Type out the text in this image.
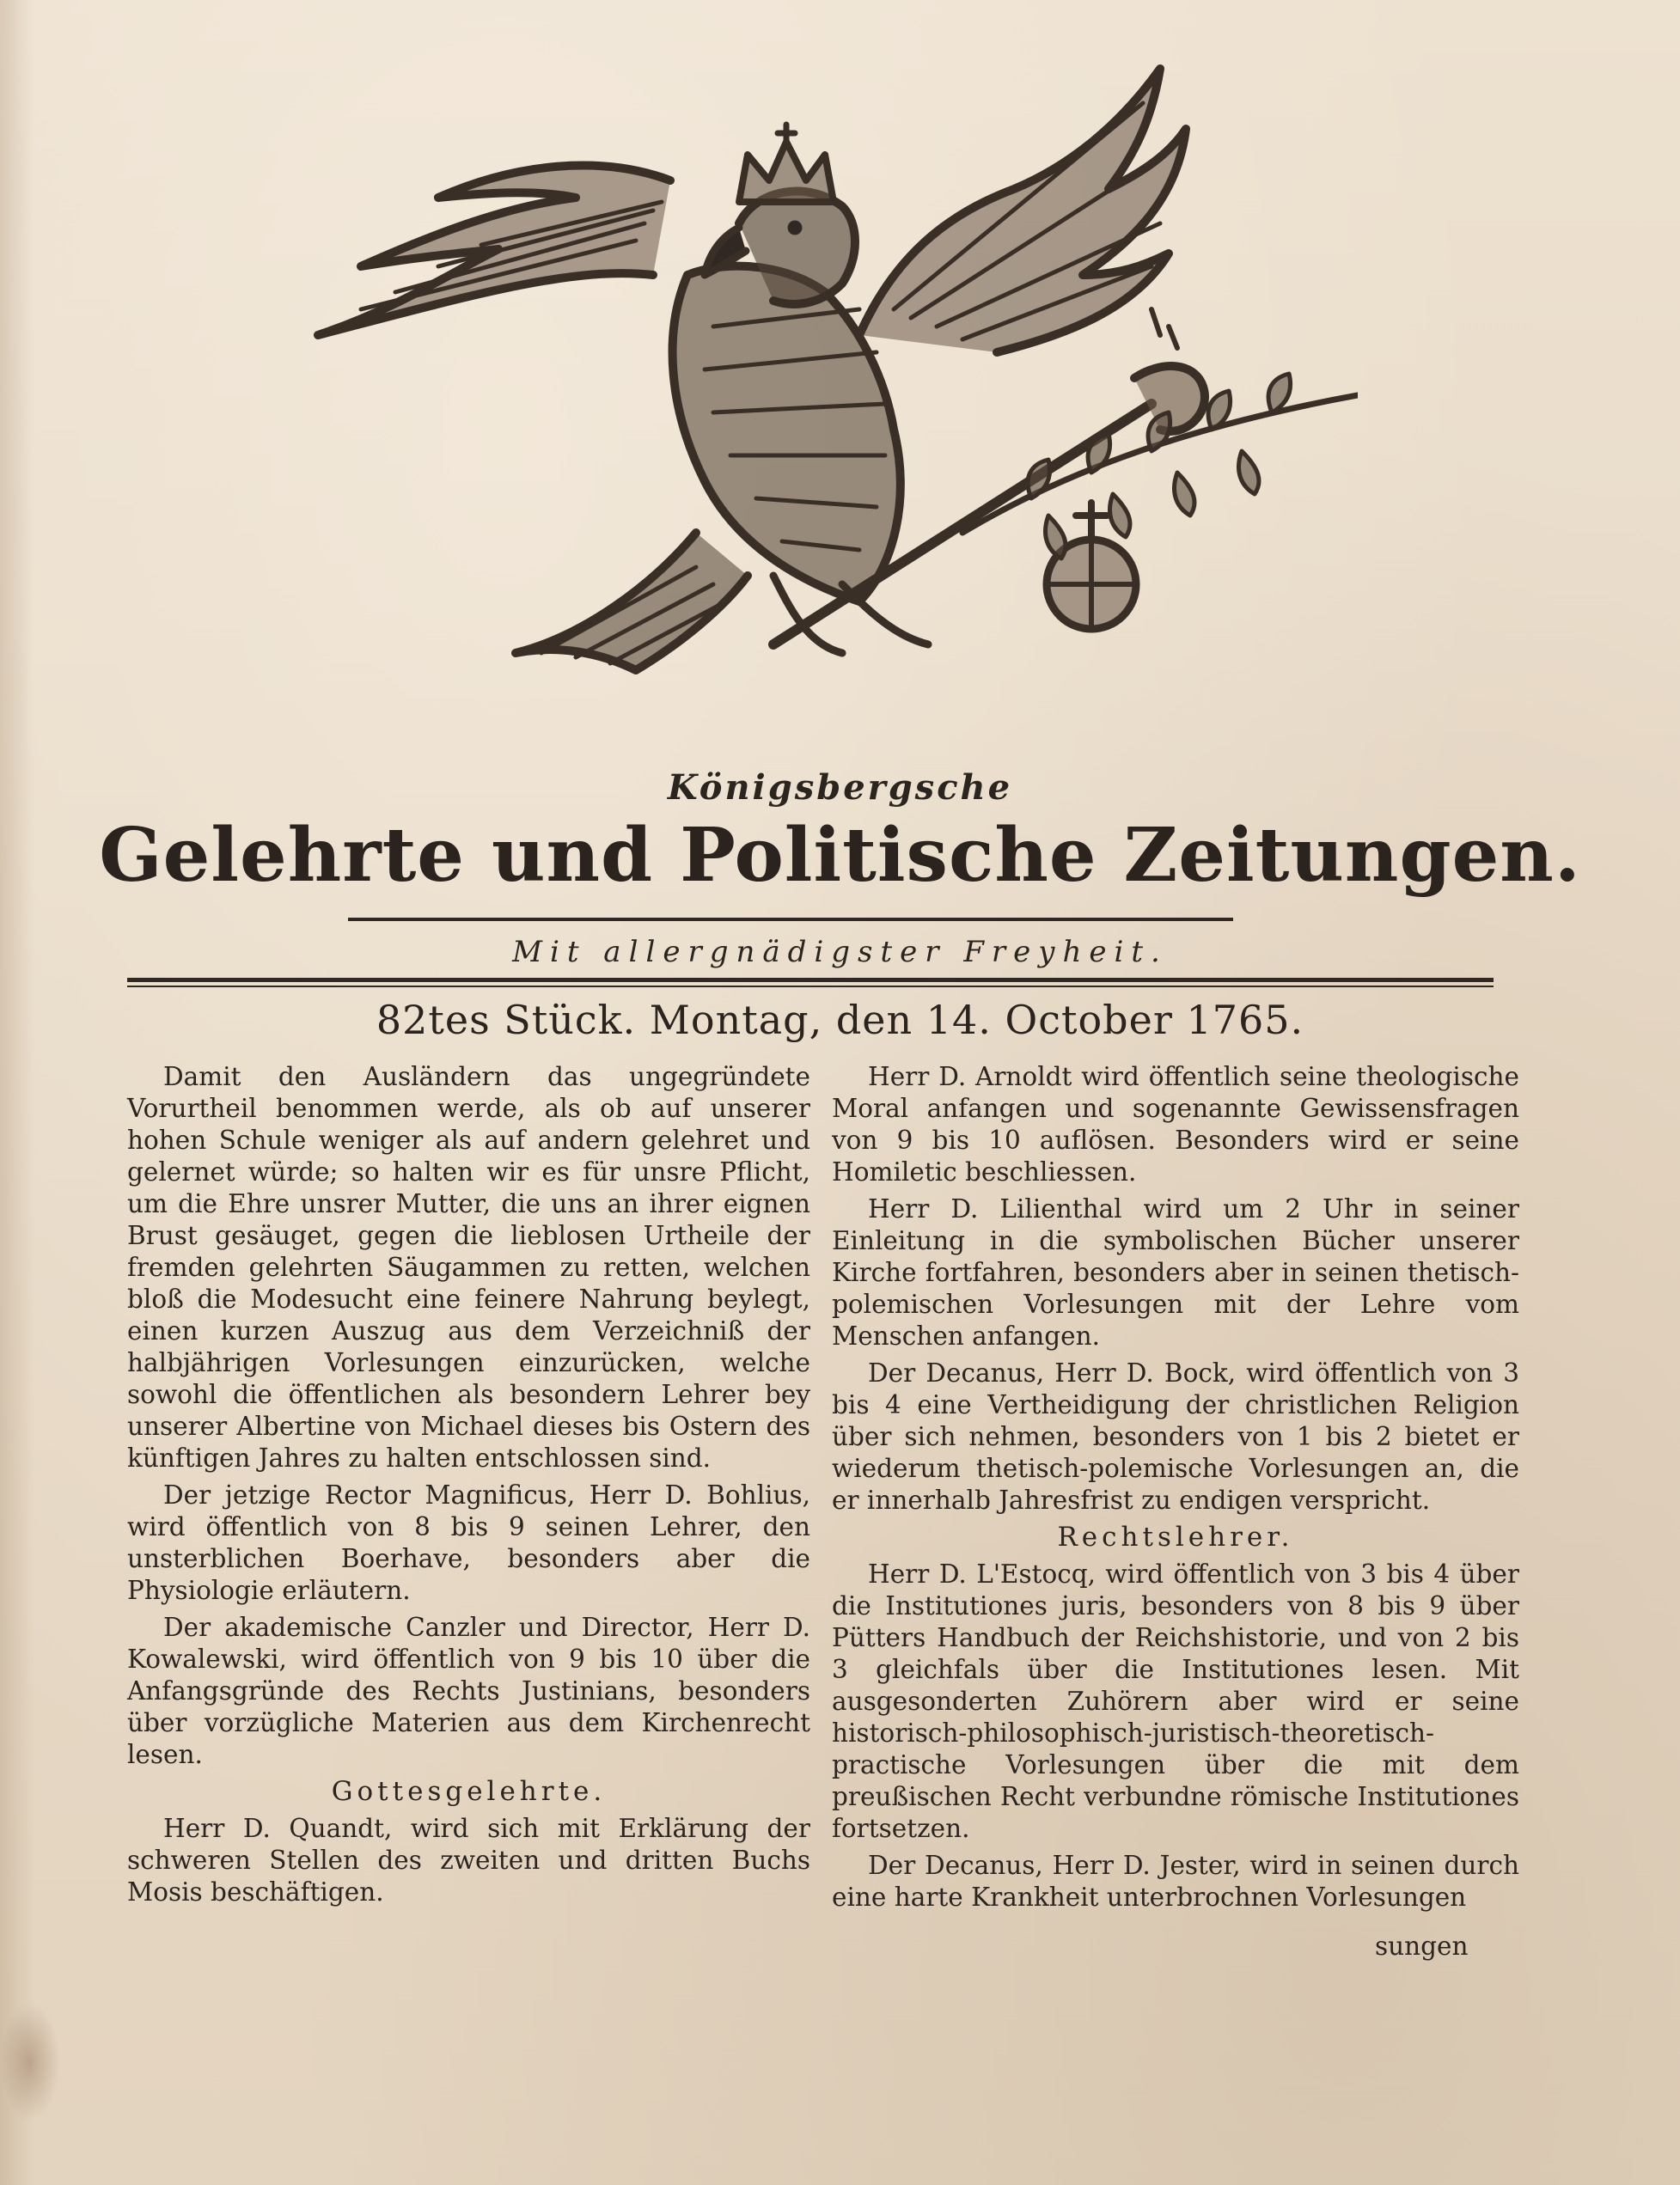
Königsbergsche
Gelehrte und Politische Zeitungen.
Mit allergnädigster Freyheit.
82tes Stück. Montag, den 14. October 1765.

Damit den Ausländern das ungegründete Vorurtheil benommen werde, als ob auf unserer hohen Schule weniger als auf andern gelehret und gelernet würde; so halten wir es für unsre Pflicht, um die Ehre unsrer Mutter, die uns an ihrer eignen Brust gesäuget, gegen die lieblosen Urtheile der fremden gelehrten Säugammen zu retten, welchen bloß die Modesucht eine feinere Nahrung beylegt, einen kurzen Auszug aus dem Verzeichniß der halbjährigen Vorlesungen einzurücken, welche sowohl die öffentlichen als besondern Lehrer bey unserer Albertine von Michael dieses bis Ostern des künftigen Jahres zu halten entschlossen sind.

Der jetzige Rector Magnificus, Herr D. Bohlius, wird öffentlich von 8 bis 9 seinen Lehrer, den unsterblichen Boerhave, besonders aber die Physiologie erläutern.

Der akademische Canzler und Director, Herr D. Kowalewski, wird öffentlich von 9 bis 10 über die Anfangsgründe des Rechts Justinians, besonders über vorzügliche Materien aus dem Kirchenrecht lesen.

Gottesgelehrte.

Herr D. Quandt, wird sich mit Erklärung der schweren Stellen des zweiten und dritten Buchs Mosis beschäftigen.

Herr D. Arnoldt wird öffentlich seine theologische Moral anfangen und sogenannte Gewissensfragen von 9 bis 10 auflösen. Besonders wird er seine Homiletic beschliessen.

Herr D. Lilienthal wird um 2 Uhr in seiner Einleitung in die symbolischen Bücher unserer Kirche fortfahren, besonders aber in seinen thetisch-polemischen Vorlesungen mit der Lehre vom Menschen anfangen.

Der Decanus, Herr D. Bock, wird öffentlich von 3 bis 4 eine Vertheidigung der christlichen Religion über sich nehmen, besonders von 1 bis 2 bietet er wiederum thetisch-polemische Vorlesungen an, die er innerhalb Jahresfrist zu endigen verspricht.

Rechtslehrer.

Herr D. L'Estocq, wird öffentlich von 3 bis 4 über die Institutiones juris, besonders von 8 bis 9 über Pütters Handbuch der Reichshistorie, und von 2 bis 3 gleichfals über die Institutiones lesen. Mit ausgesonderten Zuhörern aber wird er seine historisch-philosophisch-juristisch-theoretisch-practische Vorlesungen über die mit dem preußischen Recht verbundne römische Institutiones fortsetzen.

Der Decanus, Herr D. Jester, wird in seinen durch eine harte Krankheit unterbrochnen Vorlesungen

sungen
